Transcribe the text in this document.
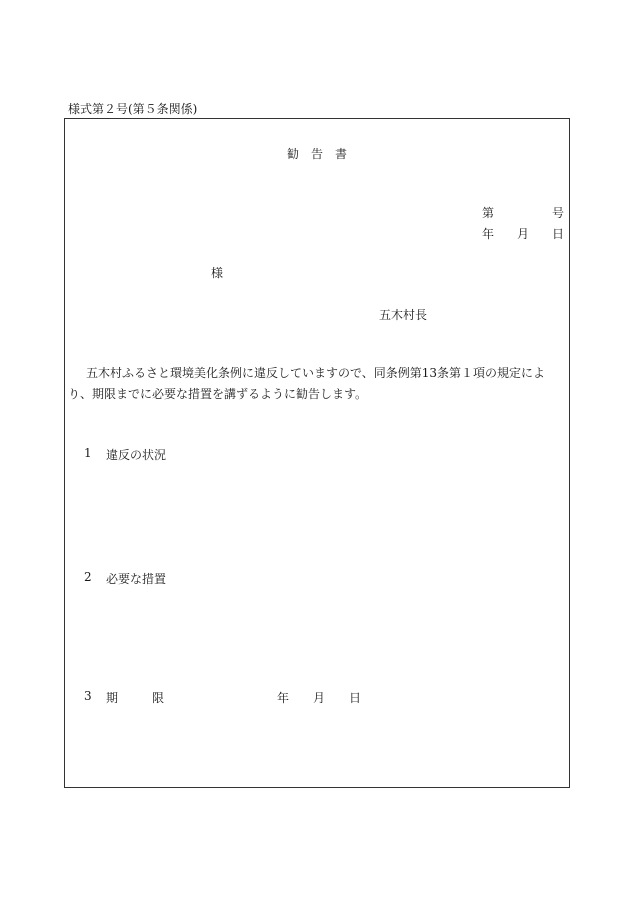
様式第２号(第５条関係)
勧告書
第	号
年 月 日
様
五木村長

五木村ふるさと環境美化条例に違反していますので、同条例第13条第１項の規定により、期限までに必要な措置を講ずるように勧告します。

1	違反の状況
2	必要な措置
3	期	限	年 月 日
